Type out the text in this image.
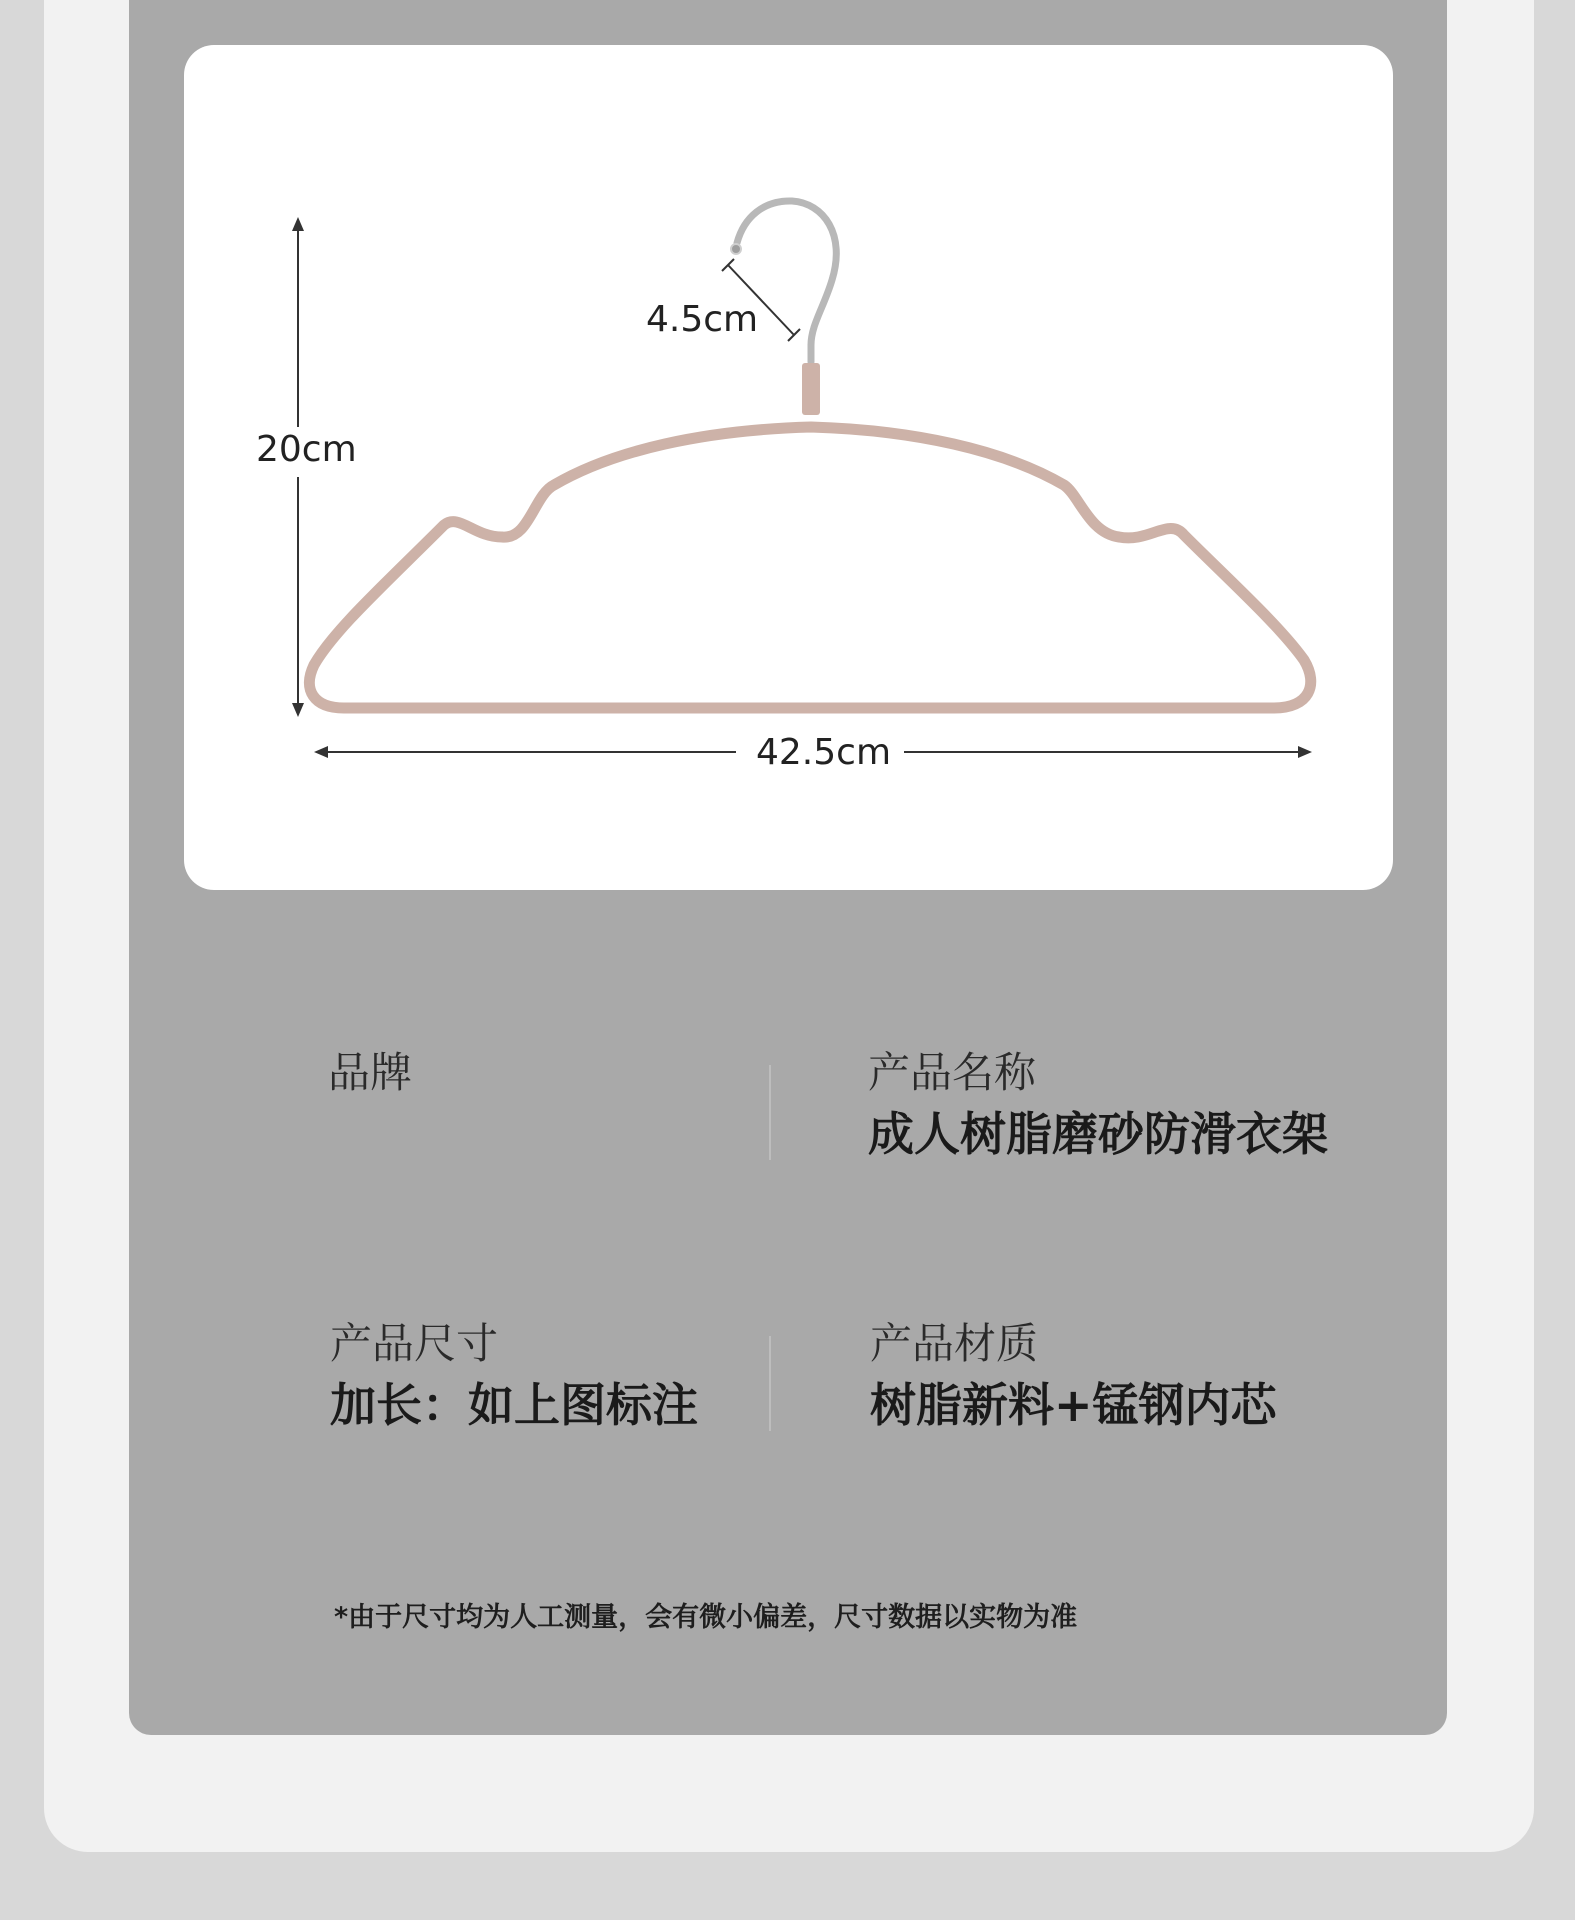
4.5cm
20cm
42.5cm
品牌	产品名称
成人树脂磨砂防滑衣架
产品尺寸
加长：如上图标注
产品材质
树脂新料+锰钢内芯
*由于尺寸均为人工测量，会有微小偏差，尺寸数据以实物为准
